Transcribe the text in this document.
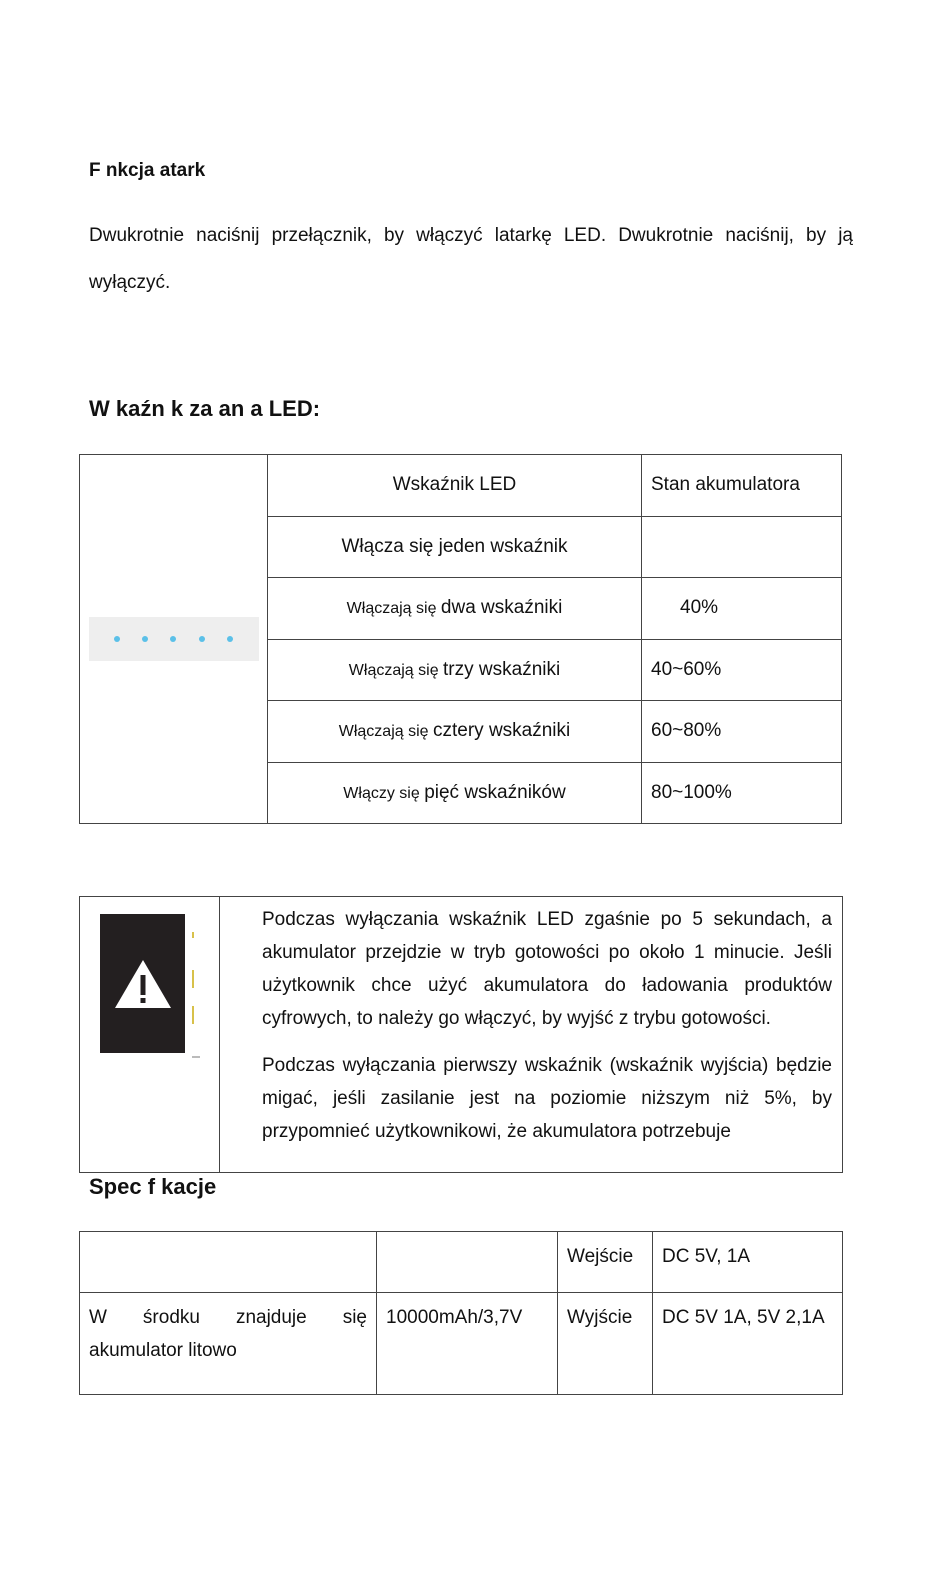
F nkcja atark
Dwukrotnie naciśnij przełącznik, by włączyć latarkę LED. Dwukrotnie naciśnij, by ją wyłączyć.
W kaźn k za an a LED:
	Wskaźnik LED	Stan akumulatora
	Włącza się jeden wskaźnik	
	Włączają się dwa wskaźniki	40%
	Włączają się trzy wskaźniki	40~60%
	Włączają się cztery wskaźniki	60~80%
	Włączy się pięć wskaźników	80~100%

Podczas wyłączania wskaźnik LED zgaśnie po 5 sekundach, a akumulator przejdzie w tryb gotowości po około 1 minucie. Jeśli użytkownik chce użyć akumulatora do ładowania produktów cyfrowych, to należy go włączyć, by wyjść z trybu gotowości.

Podczas wyłączania pierwszy wskaźnik (wskaźnik wyjścia) będzie migać, jeśli zasilanie jest na poziomie niższym niż 5%, by przypomnieć użytkownikowi, że akumulatora potrzebuje

Spec f kacje
		Wejście	DC 5V, 1A

W środku znajduje się
akumulator litowo	10000mAh/3,7V	Wyjście	DC 5V 1A, 5V 2,1A
